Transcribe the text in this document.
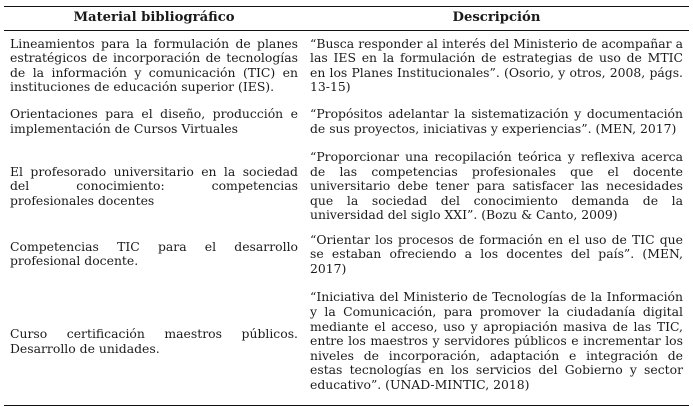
Material bibliográfico	Descripción
Lineamientos para la formulación de planes estratégicos de incorporación de tecnologías de la información y comunicación (TIC) en instituciones de educación superior (IES).	“Busca responder al interés del Ministerio de acompañar a las IES en la formulación de estrategias de uso de MTIC en los Planes Institucionales”. (Osorio, y otros, 2008, págs. 13-15)
Orientaciones para el diseño, producción e implementación de Cursos Virtuales	“Propósitos adelantar la sistematización y documentación de sus proyectos, iniciativas y experiencias”. (MEN, 2017)
El profesorado universitario en la sociedad del conocimiento: competencias profesionales docentes	“Proporcionar una recopilación teórica y reflexiva acerca de las competencias profesionales que el docente universitario debe tener para satisfacer las necesidades que la sociedad del conocimiento demanda de la universidad del siglo XXI”. (Bozu & Canto, 2009)
Competencias TIC para el desarrollo profesional docente.	“Orientar los procesos de formación en el uso de TIC que se estaban ofreciendo a los docentes del país”. (MEN, 2017)
Curso certificación maestros públicos. Desarrollo de unidades.	“Iniciativa del Ministerio de Tecnologías de la Información y la Comunicación, para promover la ciudadanía digital mediante el acceso, uso y apropiación masiva de las TIC, entre los maestros y servidores públicos e incrementar los niveles de incorporación, adaptación e integración de estas tecnologías en los servicios del Gobierno y sector educativo”. (UNAD-MINTIC, 2018)
